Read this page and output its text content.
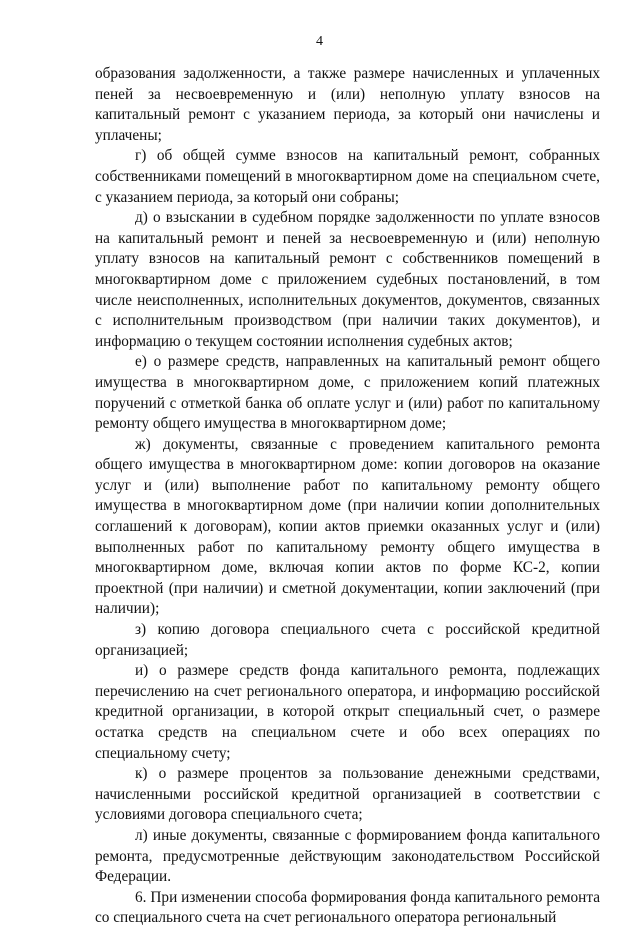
4

образования задолженности, а также размере начисленных и уплаченных пеней за несвоевременную и (или) неполную уплату взносов на капитальный ремонт с указанием периода, за который они начислены и уплачены;

г) об общей сумме взносов на капитальный ремонт, собранных собственниками помещений в многоквартирном доме на специальном счете, с указанием периода, за который они собраны;

д) о взыскании в судебном порядке задолженности по уплате взносов на капитальный ремонт и пеней за несвоевременную и (или) неполную уплату взносов на капитальный ремонт с собственников помещений в многоквартирном доме с приложением судебных постановлений, в том числе неисполненных, исполнительных документов, документов, связанных с исполнительным производством (при наличии таких документов), и информацию о текущем состоянии исполнения судебных актов;

е) о размере средств, направленных на капитальный ремонт общего имущества в многоквартирном доме, с приложением копий платежных поручений с отметкой банка об оплате услуг и (или) работ по капитальному ремонту общего имущества в многоквартирном доме;

ж) документы, связанные с проведением капитального ремонта общего имущества в многоквартирном доме: копии договоров на оказание услуг и (или) выполнение работ по капитальному ремонту общего имущества в многоквартирном доме (при наличии копии дополнительных соглашений к договорам), копии актов приемки оказанных услуг и (или) выполненных работ по капитальному ремонту общего имущества в многоквартирном доме, включая копии актов по форме КС-2, копии проектной (при наличии) и сметной документации, копии заключений (при наличии);

з) копию договора специального счета с российской кредитной организацией;

и) о размере средств фонда капитального ремонта, подлежащих перечислению на счет регионального оператора, и информацию российской кредитной организации, в которой открыт специальный счет, о размере остатка средств на специальном счете и обо всех операциях по специальному счету;

к) о размере процентов за пользование денежными средствами, начисленными российской кредитной организацией в соответствии с условиями договора специального счета;

л) иные документы, связанные с формированием фонда капитального ремонта, предусмотренные действующим законодательством Российской Федерации.

6. При изменении способа формирования фонда капитального ремонта со специального счета на счет регионального оператора региональный
